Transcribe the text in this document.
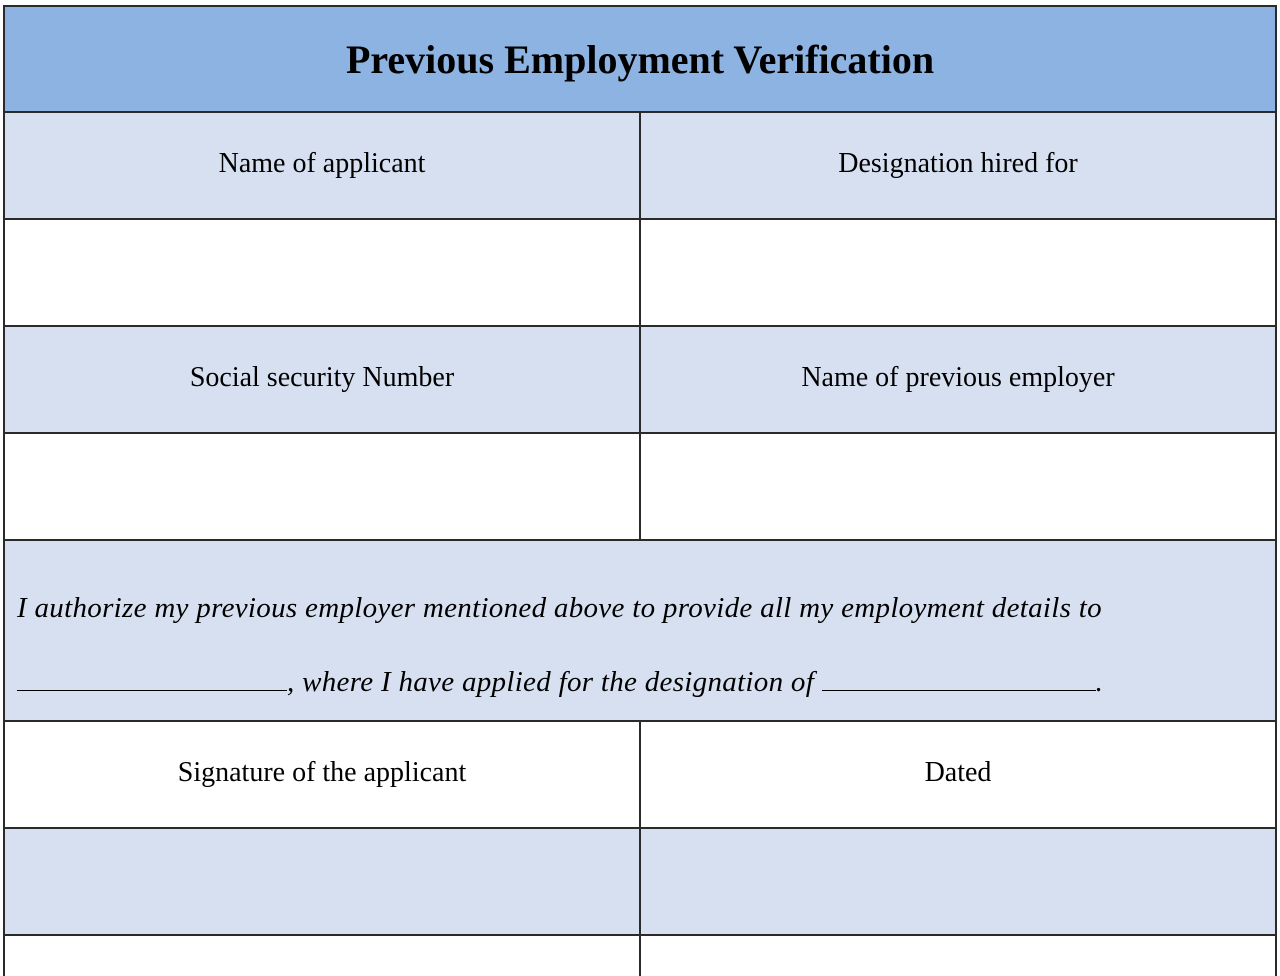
Previous Employment Verification
Name of applicant	Designation hired for
Social security Number	Name of previous employer

I authorize my previous employer mentioned above to provide all my employment details to

, where I have applied for the designation of	.

Signature of the applicant	Dated
